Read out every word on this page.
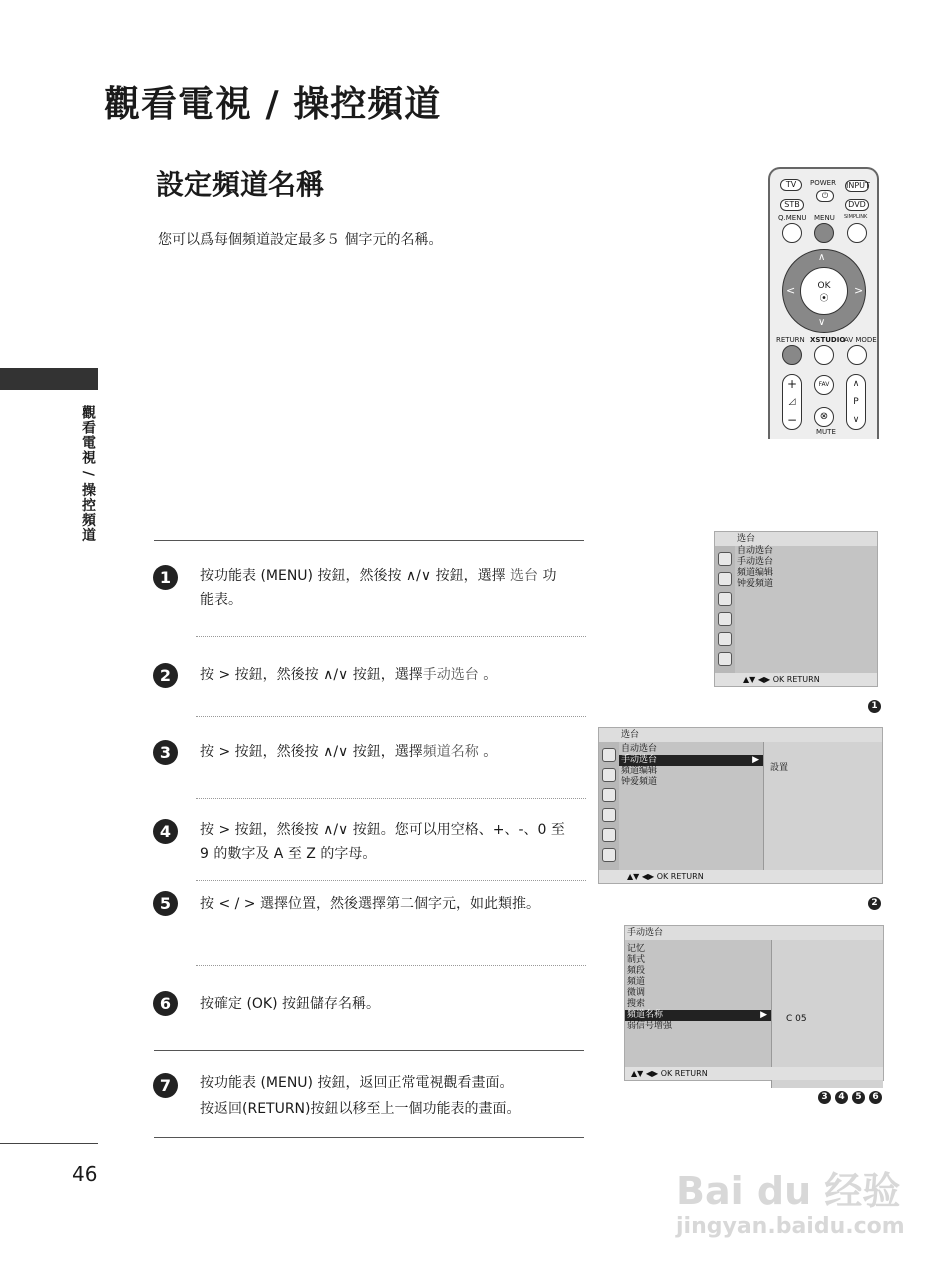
觀看電視 / 操控頻道
設定頻道名稱
您可以爲每個頻道設定最多５ 個字元的名稱。
觀看電視 / 操控頻道
46
1	按功能表 (MENU) 按鈕，然後按 ∧/∨ 按鈕，選擇 选台 功能表。
2	按 > 按鈕，然後按 ∧/∨ 按鈕，選擇手动选台 。
3	按 > 按鈕，然後按 ∧/∨ 按鈕，選擇頻道名称 。
4	按 > 按鈕，然後按 ∧/∨ 按鈕。您可以用空格、+、-、0 至 9 的數字及 A 至 Z 的字母。
5	按 < / > 選擇位置，然後選擇第二個字元，如此類推。
6	按確定 (OK) 按鈕儲存名稱。
7	按功能表 (MENU) 按鈕，返回正常電視觀看畫面。
按返回(RETURN)按鈕以移至上一個功能表的畫面。
TV	POWER
⏻
INPUT
STB	DVD
Q.MENU MENU SIMPLINK
OK
⦿
∧
∨
<	>
RETURN XSTUDIO
AV MODE
+
◿
−
FAV
⊗
MUTE
∧
P
∨
选台
自动选台
手动选台
頻道编辑
钟爱頻道
▲▼ ◀▶ OK RETURN
1
选台
自动选台
手动选台	▶
頻道编辑
钟爱頻道
設置
▲▼ ◀▶ OK RETURN
2
手动选台
记忆
制式
頻段
頻道
微调
搜索
頻道名称	▶
弱信号增强
C 05
▲▼ ◀▶ OK RETURN
3	4	5	6
Bai du 经验
jingyan.baidu.com
